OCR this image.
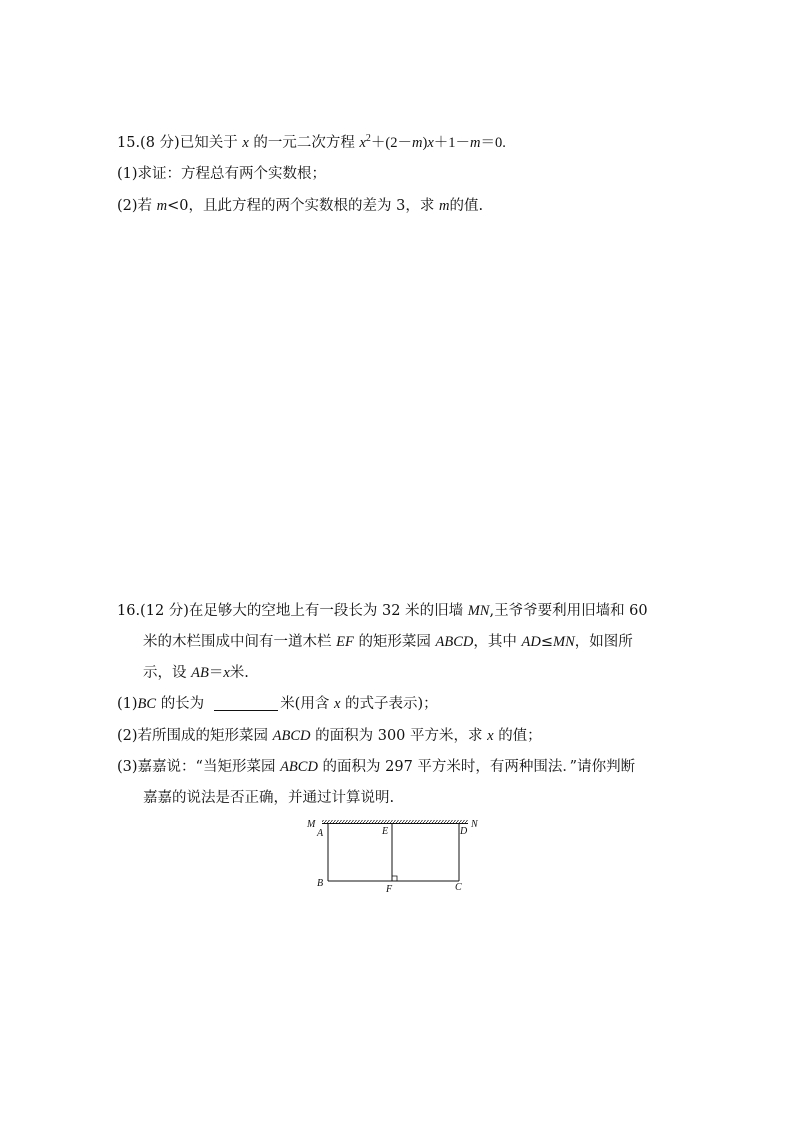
15.(8 分)已知关于 x 的一元二次方程 $x^2+(2-m)x+1-m=0$.
(1)求证：方程总有两个实数根；
(2)若 m<0，且此方程的两个实数根的差为 3，求 m的值.
16.(12 分)在足够大的空地上有一段长为 32 米的旧墙 MN,王爷爷要利用旧墙和 60
米的木栏围成中间有一道木栏 EF 的矩形菜园 ABCD，其中 AD≤MN，如图所
示，设 AB＝x米.
(1)BC 的长为	米(用含 x 的式子表示)；
(2)若所围成的矩形菜园 ABCD 的面积为 300 平方米，求 x 的值；
(3)嘉嘉说：“当矩形菜园 ABCD 的面积为 297 平方米时，有两种围法．”请你判断
嘉嘉的说法是否正确，并通过计算说明.
M
A	E	D
N
B
F	C
